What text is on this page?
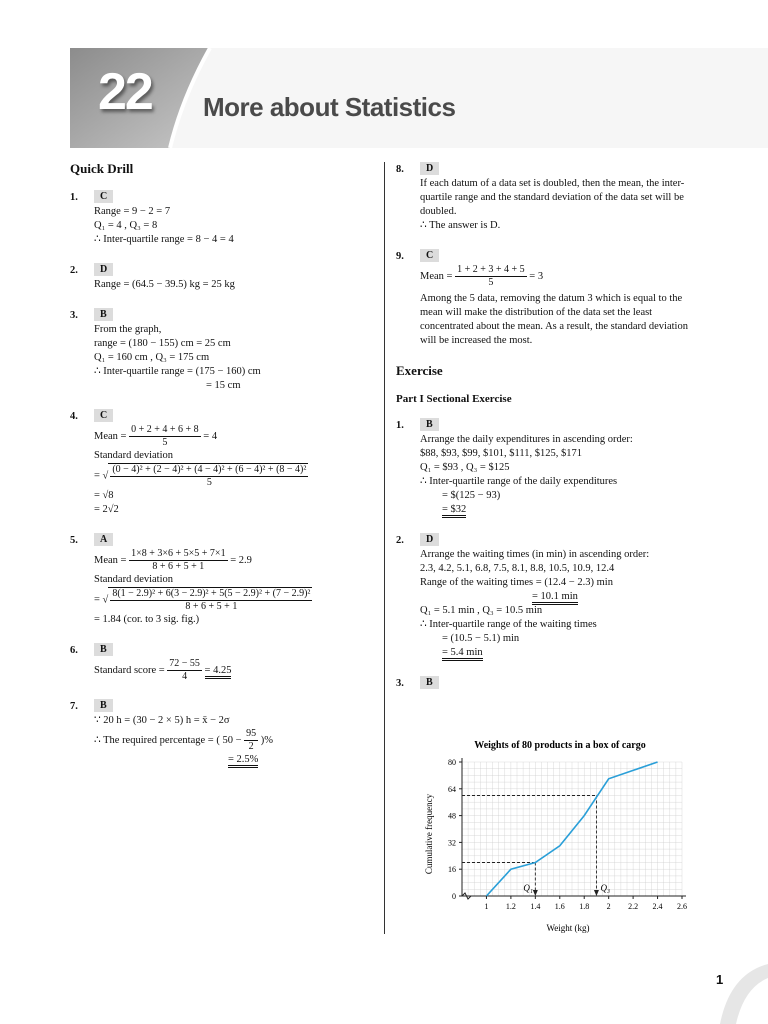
22 More about Statistics
Quick Drill
1. C
Range = 9 − 2 = 7
Q₁ = 4 , Q₃ = 8
∴ Inter-quartile range = 8 − 4 = 4
2. D
Range = (64.5 − 39.5) kg = 25 kg
3. B
From the graph,
range = (180 − 155) cm = 25 cm
Q₁ = 160 cm , Q₃ = 175 cm
∴ Inter-quartile range = (175 − 160) cm
= 15 cm
4. C
Mean = $\frac{0 + 2 + 4 + 6 + 8}{5} = 4$
Standard deviation
= √ $\frac{\text{(0 − 4)² + (2 − 4)² + (4 − 4)² + (6 − 4)² + (8 − 4)²}}{5}$
= √8
= 2√2
5. A
Mean = $\frac{1\times 8 + 3\times 6 + 5\times 5 + 7\times 1}{8 + 6 + 5 + 1} = 2.9$
Standard deviation
= √ $\frac{\text{8(1 − 2.9)² + 6(3 − 2.9)² + 5(5 − 2.9)² + (7 − 2.9)²}}{8 + 6 + 5 + 1}$
= 1.84 (cor. to 3 sig. fig.)
6. B
Standard score = $\frac{72 - 55}{4} = 4.25$
7. B
∵ 20 h = (30 − 2 × 5) h = x̄ − 2σ
∴ The required percentage = ( $50 - \frac{95}{2}$ )%
= 2.5%
8. D
If each datum of a data set is doubled, then the mean, the inter-quartile range and the standard deviation of the data set will be doubled.
∴ The answer is D.
9. C
Mean = $\frac{1 + 2 + 3 + 4 + 5}{5} = 3$
Among the 5 data, removing the datum 3 which is equal to the mean will make the distribution of the data set the least concentrated about the mean. As a result, the standard deviation will be increased the most.
Exercise
Part I Sectional Exercise
1. B
Arrange the daily expenditures in ascending order:
$88, $93, $99, $101, $111, $125, $171
Q₁ = $93 , Q₃ = $125
∴ Inter-quartile range of the daily expenditures
= $(125 − 93)
= $32
2. D
Arrange the waiting times (in min) in ascending order:
2.3, 4.2, 5.1, 6.8, 7.5, 8.1, 8.8, 10.5, 10.9, 12.4
Range of the waiting times = (12.4 − 2.3) min
= 10.1 min
Q₁ = 5.1 min , Q₃ = 10.5 min
∴ Inter-quartile range of the waiting times
= (10.5 − 5.1) min
= 5.4 min
3. B
Weights of 80 products in a box of cargo
1 1.2 1.4 1.6 1.8 2 2.2 2.4 2.6
0
16
32
48
64
80
Cumulative frequency
Weight (kg)
Q₁	Q₃
1
